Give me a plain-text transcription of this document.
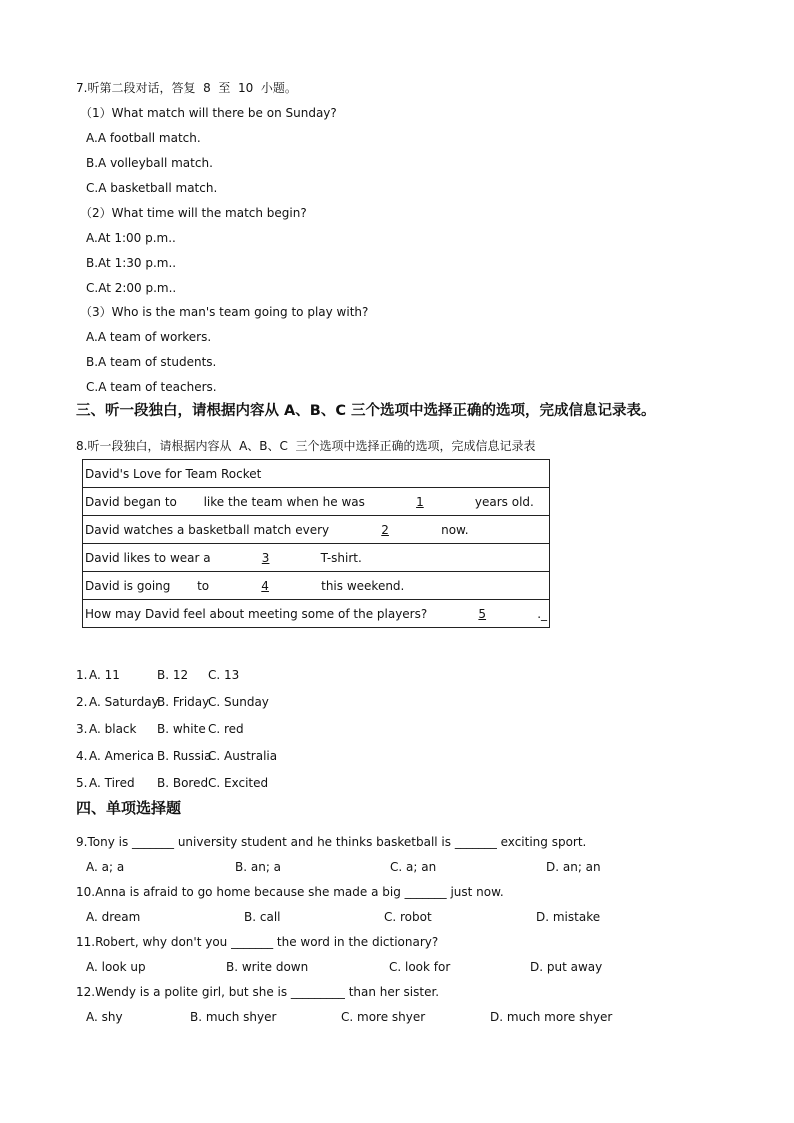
7.听第二段对话，答复  8  至  10  小题。
（1）What match will there be on Sunday?
A.A football match.
B.A volleyball match.
C.A basketball match.
（2）What time will the match begin?
A.At 1:00 p.m..
B.At 1:30 p.m..
C.At 2:00 p.m..
（3）Who is the man's team going to play with?
A.A team of workers.
B.A team of students.
C.A team of teachers.
三、听一段独白，请根据内容从 A、B、C 三个选项中选择正确的选项，完成信息记录表。
8.听一段独白，请根据内容从  A、B、C  三个选项中选择正确的选项，完成信息记录表
David's Love for Team Rocket
David began to       like the team when he was	1	years old.
David watches a basketball match every	2	now.
David likes to wear a	3	T-shirt.
David is going       to	4	this weekend.
How may David feel about meeting some of the players?	5	._
1. A. 11	B. 12 C. 13
2. A. Saturday
B. Friday
C. Sunday
3. A. black B. white C. red
4. A. America B. Russia
C. Australia
5. A. Tired B. Bored C. Excited
四、单项选择题
9.Tony is _______ university student and he thinks basketball is _______ exciting sport.
A. a; a	B. an; a	C. a; an	D. an; an
10.Anna is afraid to go home because she made a big _______ just now.
A. dream	B. call	C. robot	D. mistake
11.Robert, why don't you _______ the word in the dictionary?
A. look up	B. write down	C. look for	D. put away
12.Wendy is a polite girl, but she is _________ than her sister.
A. shy	B. much shyer	C. more shyer	D. much more shyer
